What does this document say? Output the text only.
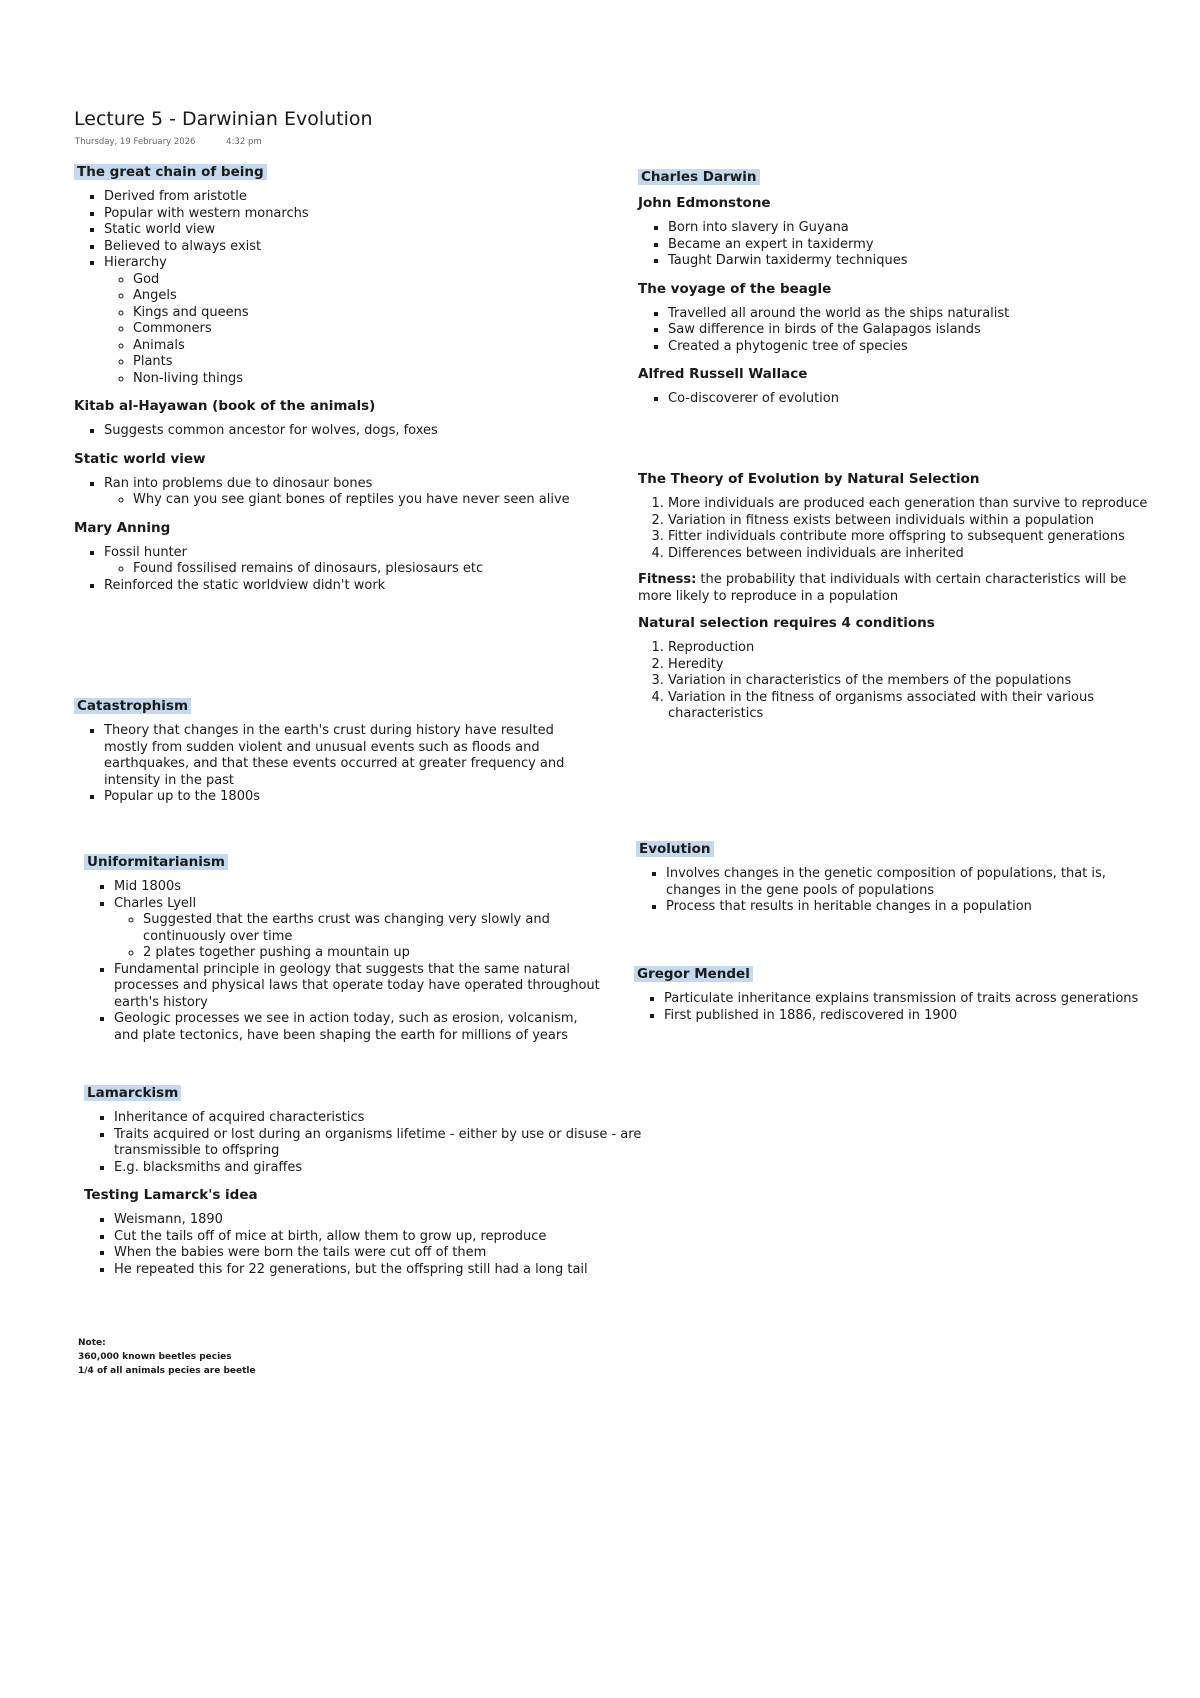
Lecture 5 - Darwinian Evolution
Thursday, 19 February 2026	4:32 pm
The great chain of being
▪ Derived from aristotle
▪ Popular with western monarchs
▪ Static world view
▪ Believed to always exist
▪ Hierarchy
◦ God
◦ Angels
◦ Kings and queens
◦ Commoners
◦ Animals
◦ Plants
◦ Non-living things
Kitab al-Hayawan (book of the animals)
▪ Suggests common ancestor for wolves, dogs, foxes
Static world view
▪ Ran into problems due to dinosaur bones
◦ Why can you see giant bones of reptiles you have never seen alive
Mary Anning
▪ Fossil hunter
◦ Found fossilised remains of dinosaurs, plesiosaurs etc
▪ Reinforced the static worldview didn't work
Catastrophism
▪ Theory that changes in the earth's crust during history have resulted mostly from sudden violent and unusual events such as floods and earthquakes, and that these events occurred at greater frequency and intensity in the past
▪ Popular up to the 1800s
Uniformitarianism
▪ Mid 1800s
▪ Charles Lyell
◦ Suggested that the earths crust was changing very slowly and continuously over time
◦ 2 plates together pushing a mountain up
▪ Fundamental principle in geology that suggests that the same natural processes and physical laws that operate today have operated throughout earth's history
▪ Geologic processes we see in action today, such as erosion, volcanism, and plate tectonics, have been shaping the earth for millions of years
Lamarckism
▪ Inheritance of acquired characteristics
▪ Traits acquired or lost during an organisms lifetime - either by use or disuse - are transmissible to offspring
▪ E.g. blacksmiths and giraffes
Testing Lamarck's idea
▪ Weismann, 1890
▪ Cut the tails off of mice at birth, allow them to grow up, reproduce
▪ When the babies were born the tails were cut off of them
▪ He repeated this for 22 generations, but the offspring still had a long tail
Note:
360,000 known beetles pecies
1/4 of all animals pecies are beetle
Charles Darwin
John Edmonstone
▪ Born into slavery in Guyana
▪ Became an expert in taxidermy
▪ Taught Darwin taxidermy techniques
The voyage of the beagle
▪ Travelled all around the world as the ships naturalist
▪ Saw difference in birds of the Galapagos islands
▪ Created a phytogenic tree of species
Alfred Russell Wallace
▪ Co-discoverer of evolution
The Theory of Evolution by Natural Selection
1. More individuals are produced each generation than survive to reproduce
2. Variation in fitness exists between individuals within a population
3. Fitter individuals contribute more offspring to subsequent generations
4. Differences between individuals are inherited

Fitness: the probability that individuals with certain characteristics will be more likely to reproduce in a population

Natural selection requires 4 conditions
1. Reproduction
2. Heredity
3. Variation in characteristics of the members of the populations
4. Variation in the fitness of organisms associated with their various characteristics
Evolution
▪ Involves changes in the genetic composition of populations, that is, changes in the gene pools of populations
▪ Process that results in heritable changes in a population
Gregor Mendel
▪ Particulate inheritance explains transmission of traits across generations
▪ First published in 1886, rediscovered in 1900
